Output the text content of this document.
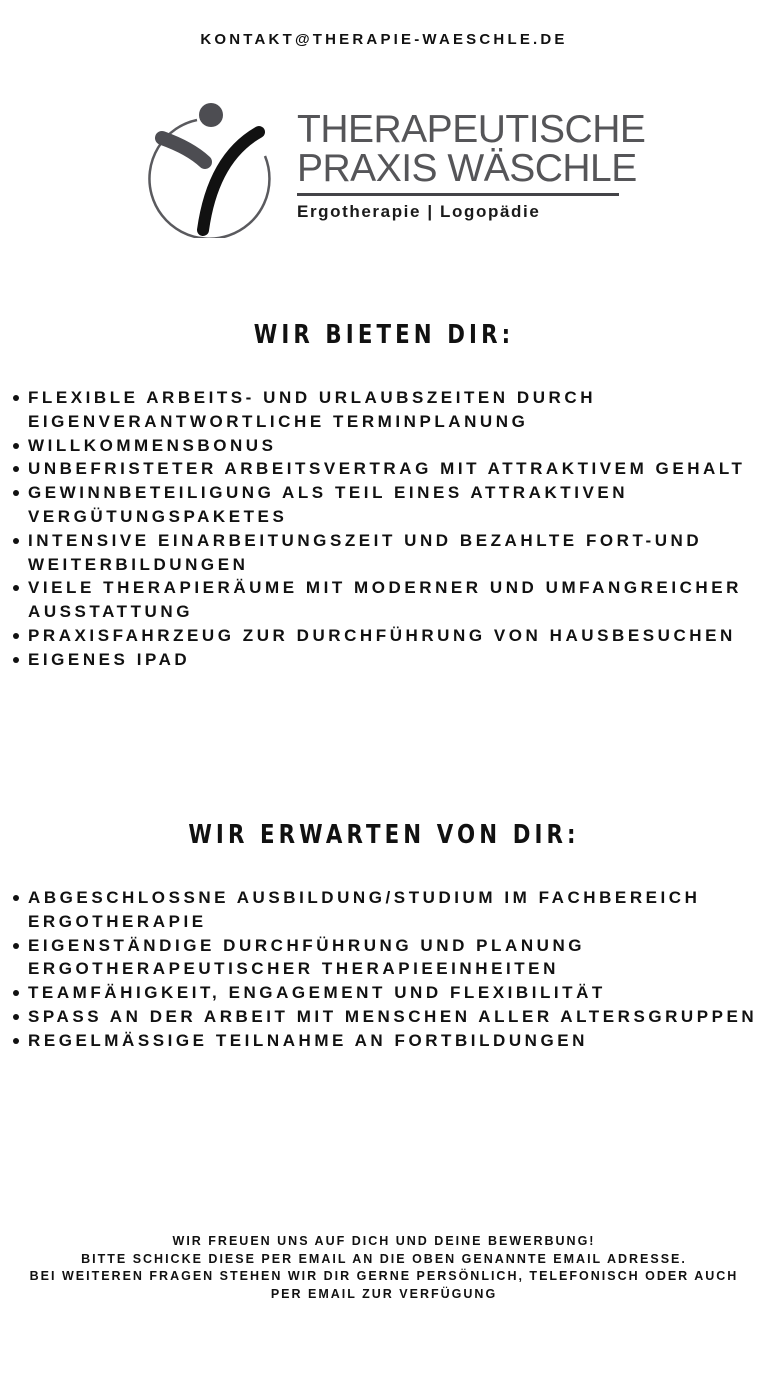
KONTAKT@THERAPIE-WAESCHLE.DE
THERAPEUTISCHE
PRAXIS WÄSCHLE
Ergotherapie | Logopädie
WIR BIETEN DIR:
FLEXIBLE ARBEITS- UND URLAUBSZEITEN DURCH EIGENVERANTWORTLICHE TERMINPLANUNG
WILLKOMMENSBONUS
UNBEFRISTETER ARBEITSVERTRAG MIT ATTRAKTIVEM GEHALT
GEWINNBETEILIGUNG ALS TEIL EINES ATTRAKTIVEN VERGÜTUNGSPAKETES
INTENSIVE EINARBEITUNGSZEIT UND BEZAHLTE FORT-UND WEITERBILDUNGEN
VIELE THERAPIERÄUME MIT MODERNER UND UMFANGREICHER AUSSTATTUNG
PRAXISFAHRZEUG ZUR DURCHFÜHRUNG VON HAUSBESUCHEN
EIGENES IPAD
WIR ERWARTEN VON DIR:
ABGESCHLOSSNE AUSBILDUNG/STUDIUM IM FACHBEREICH ERGOTHERAPIE
EIGENSTÄNDIGE DURCHFÜHRUNG UND PLANUNG ERGOTHERAPEUTISCHER THERAPIEEINHEITEN
TEAMFÄHIGKEIT, ENGAGEMENT UND FLEXIBILITÄT
SPASS AN DER ARBEIT MIT MENSCHEN ALLER ALTERSGRUPPEN
REGELMÄSSIGE TEILNAHME AN FORTBILDUNGEN
WIR FREUEN UNS AUF DICH UND DEINE BEWERBUNG!
BITTE SCHICKE DIESE PER EMAIL AN DIE OBEN GENANNTE EMAIL ADRESSE.
BEI WEITEREN FRAGEN STEHEN WIR DIR GERNE PERSÖNLICH, TELEFONISCH ODER AUCH
PER EMAIL ZUR VERFÜGUNG
